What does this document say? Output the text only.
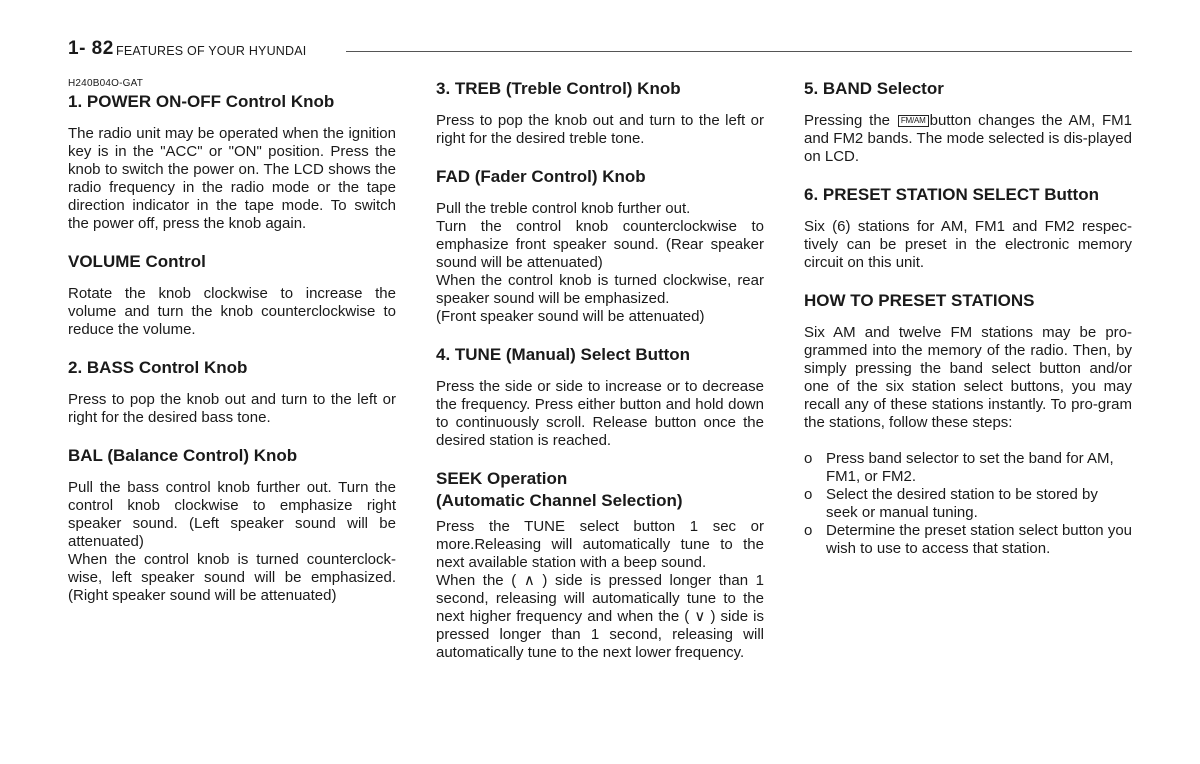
1- 82 FEATURES OF YOUR HYUNDAI
H240B04O-GAT
1. POWER ON-OFF Control Knob

The radio unit may be operated when the ignition key is in the "ACC" or "ON" position. Press the knob to switch the power on. The LCD shows the radio frequency in the radio mode or the tape direction indicator in the tape mode. To switch the power off, press the knob again.

VOLUME Control

Rotate the knob clockwise to increase the volume and turn the knob counterclockwise to reduce the volume.

2. BASS Control Knob

Press to pop the knob out and turn to the left or right for the desired bass tone.

BAL (Balance Control) Knob

Pull the bass control knob further out. Turn the control knob clockwise to emphasize right speaker sound. (Left speaker sound will be attenuated)

When the control knob is turned counterclock-wise, left speaker sound will be emphasized. (Right speaker sound will be attenuated)

3. TREB (Treble Control) Knob

Press to pop the knob out and turn to the left or right for the desired treble tone.

FAD (Fader Control) Knob

Pull the treble control knob further out.

Turn the control knob counterclockwise to emphasize front speaker sound. (Rear speaker sound will be attenuated)

When the control knob is turned clockwise, rear speaker sound will be emphasized.

(Front speaker sound will be attenuated)

4. TUNE (Manual) Select Button

Press the side or side to increase or to decrease the frequency. Press either button and hold down to continuously scroll. Release button once the desired station is reached.

SEEK Operation
(Automatic Channel Selection)

Press the TUNE select button 1 sec or more.Releasing will automatically tune to the next available station with a beep sound.

When the ( ∧ ) side is pressed longer than 1 second, releasing will automatically tune to the next higher frequency and when the ( ∨ ) side is pressed longer than 1 second, releasing will automatically tune to the next lower frequency.

5. BAND Selector

Pressing the FM/AM button changes the AM, FM1 and FM2 bands. The mode selected is dis-played on LCD.

6. PRESET STATION SELECT Button

Six (6) stations for AM, FM1 and FM2 respec-tively can be preset in the electronic memory circuit on this unit.

HOW TO PRESET STATIONS

Six AM and twelve FM stations may be pro-grammed into the memory of the radio. Then, by simply pressing the band select button and/or one of the six station select buttons, you may recall any of these stations instantly. To pro-gram the stations, follow these steps:

o Press band selector to set the band for AM, FM1, or FM2.
o Select the desired station to be stored by seek or manual tuning.
o Determine the preset station select button you wish to use to access that station.
